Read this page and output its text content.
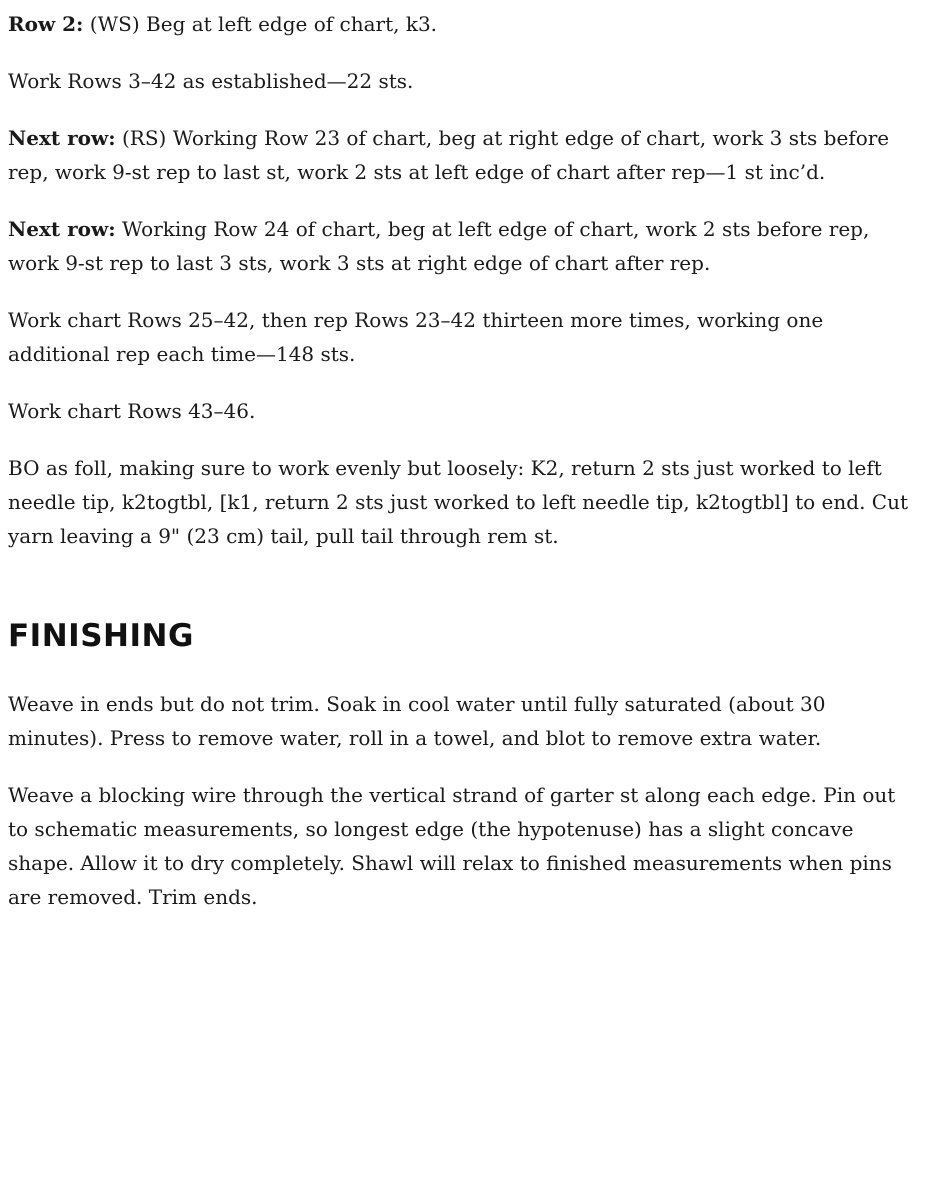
Row 2: (WS) Beg at left edge of chart, k3.

Work Rows 3–42 as established—22 sts.

Next row: (RS) Working Row 23 of chart, beg at right edge of chart, work 3 sts before rep, work 9-st rep to last st, work 2 sts at left edge of chart after rep—1 st inc’d.

Next row: Working Row 24 of chart, beg at left edge of chart, work 2 sts before rep, work 9-st rep to last 3 sts, work 3 sts at right edge of chart after rep.

Work chart Rows 25–42, then rep Rows 23–42 thirteen more times, working one additional rep each time—148 sts.

Work chart Rows 43–46.

BO as foll, making sure to work evenly but loosely: K2, return 2 sts just worked to left needle tip, k2togtbl, [k1, return 2 sts just worked to left needle tip, k2togtbl] to end. Cut yarn leaving a 9" (23 cm) tail, pull tail through rem st.

FINISHING

Weave in ends but do not trim. Soak in cool water until fully saturated (about 30 minutes). Press to remove water, roll in a towel, and blot to remove extra water.

Weave a blocking wire through the vertical strand of garter st along each edge. Pin out to schematic measurements, so longest edge (the hypotenuse) has a slight concave shape. Allow it to dry completely. Shawl will relax to finished measurements when pins are removed. Trim ends.
